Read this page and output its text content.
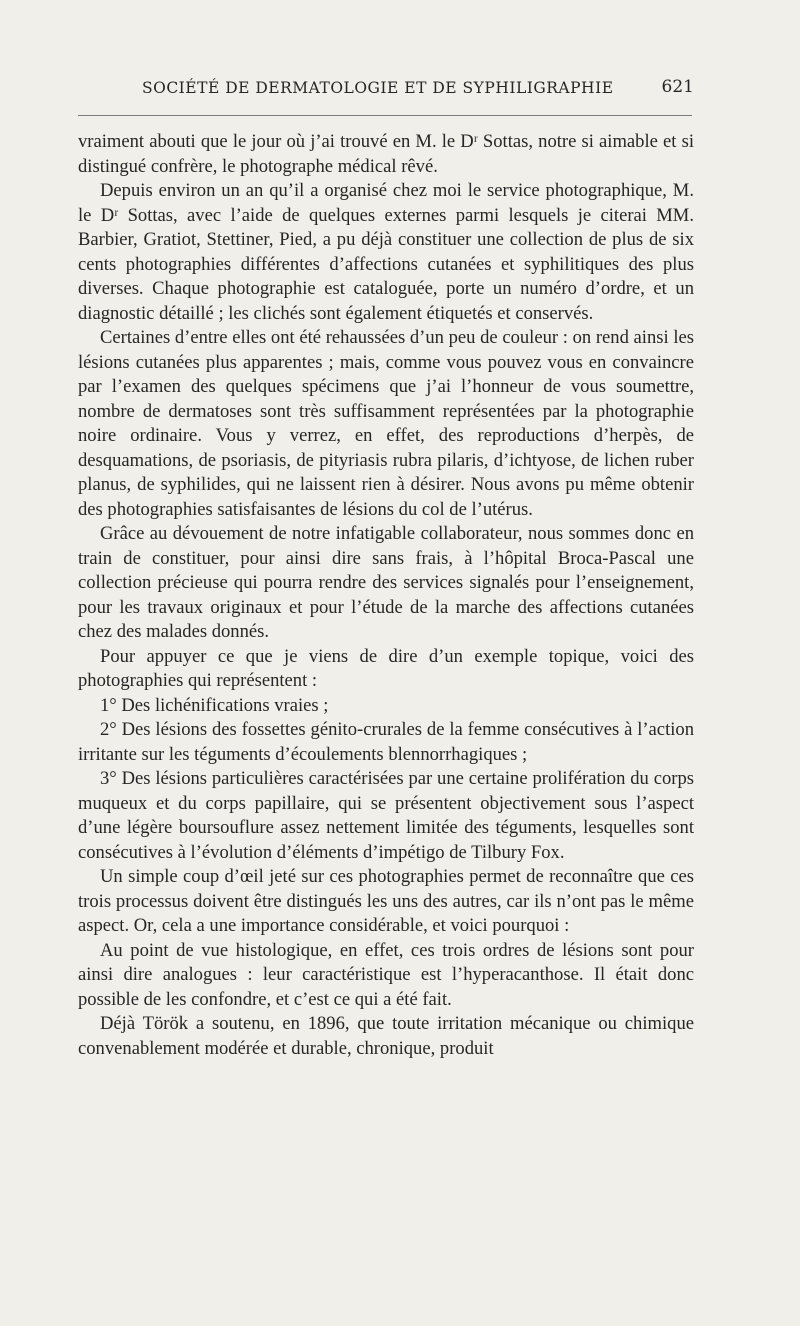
SOCIÉTÉ DE DERMATOLOGIE ET DE SYPHILIGRAPHIE	621

vraiment abouti que le jour où j’ai trouvé en M. le Dʳ Sottas, notre si aimable et si distingué confrère, le photographe médical rêvé.

Depuis environ un an qu’il a organisé chez moi le service photographique, M. le Dʳ Sottas, avec l’aide de quelques externes parmi lesquels je citerai MM. Barbier, Gratiot, Stettiner, Pied, a pu déjà constituer une collection de plus de six cents photographies différentes d’affections cutanées et syphilitiques des plus diverses. Chaque photographie est cataloguée, porte un numéro d’ordre, et un diagnostic détaillé ; les clichés sont également étiquetés et conservés.

Certaines d’entre elles ont été rehaussées d’un peu de couleur : on rend ainsi les lésions cutanées plus apparentes ; mais, comme vous pouvez vous en convaincre par l’examen des quelques spécimens que j’ai l’honneur de vous soumettre, nombre de dermatoses sont très suffisamment représentées par la photographie noire ordinaire. Vous y verrez, en effet, des reproductions d’herpès, de desquamations, de psoriasis, de pityriasis rubra pilaris, d’ichtyose, de lichen ruber planus, de syphilides, qui ne laissent rien à désirer. Nous avons pu même obtenir des photographies satisfaisantes de lésions du col de l’utérus.

Grâce au dévouement de notre infatigable collaborateur, nous sommes donc en train de constituer, pour ainsi dire sans frais, à l’hôpital Broca-Pascal une collection précieuse qui pourra rendre des services signalés pour l’enseignement, pour les travaux originaux et pour l’étude de la marche des affections cutanées chez des malades donnés.

Pour appuyer ce que je viens de dire d’un exemple topique, voici des photographies qui représentent :

1° Des lichénifications vraies ;

2° Des lésions des fossettes génito-crurales de la femme consécutives à l’action irritante sur les téguments d’écoulements blennorrhagiques ;

3° Des lésions particulières caractérisées par une certaine prolifération du corps muqueux et du corps papillaire, qui se présentent objectivement sous l’aspect d’une légère boursouflure assez nettement limitée des téguments, lesquelles sont consécutives à l’évolution d’éléments d’impétigo de Tilbury Fox.

Un simple coup d’œil jeté sur ces photographies permet de reconnaître que ces trois processus doivent être distingués les uns des autres, car ils n’ont pas le même aspect. Or, cela a une importance considérable, et voici pourquoi :

Au point de vue histologique, en effet, ces trois ordres de lésions sont pour ainsi dire analogues : leur caractéristique est l’hyperacanthose. Il était donc possible de les confondre, et c’est ce qui a été fait.

Déjà Török a soutenu, en 1896, que toute irritation mécanique ou chimique convenablement modérée et durable, chronique, produit
